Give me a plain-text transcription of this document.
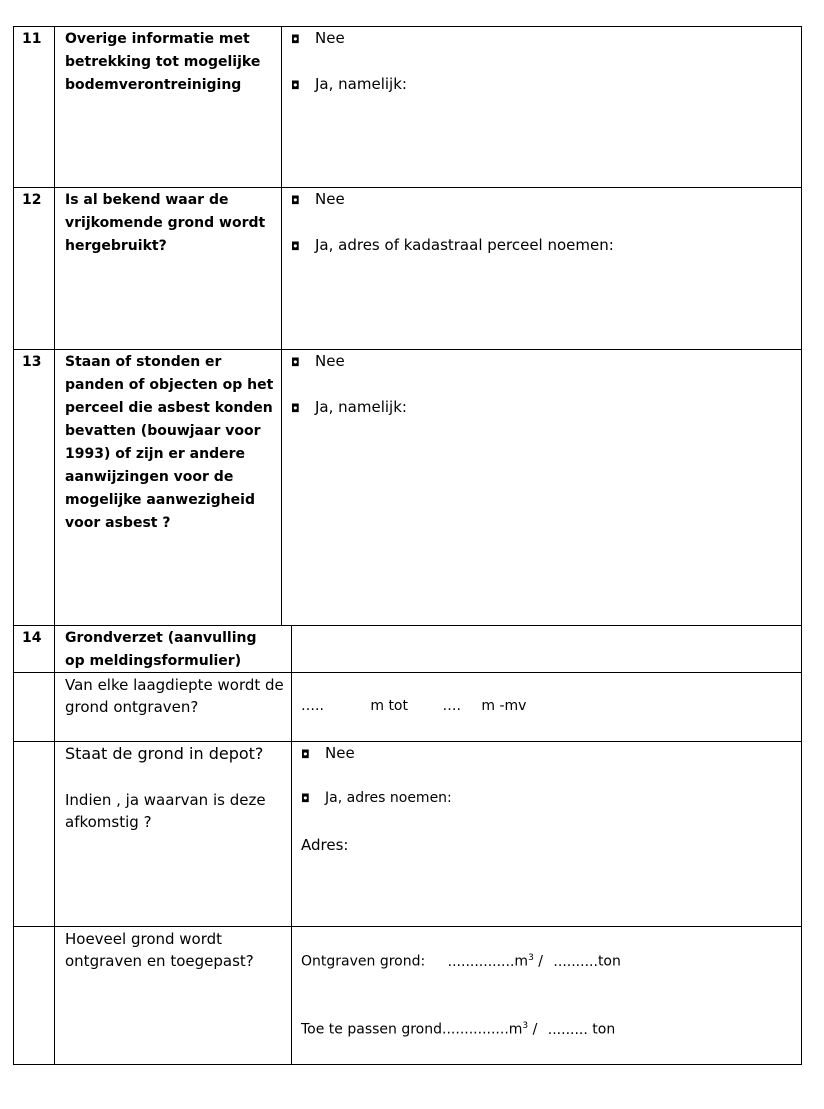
11 Overige informatie met betrekking tot mogelijke bodemverontreiniging
◘ Nee
◘ Ja, namelijk:
12 Is al bekend waar de vrijkomende grond wordt hergebruikt?
◘ Nee
◘ Ja, adres of kadastraal perceel noemen:
13 Staan of stonden er panden of objecten op het perceel die asbest konden bevatten (bouwjaar voor 1993) of zijn er andere aanwijzingen voor de mogelijke aanwezigheid voor asbest ?
◘ Nee
◘ Ja, namelijk:
14 Grondverzet (aanvulling op meldingsformulier)
Van elke laagdiepte wordt de grond ontgraven?	…..	m tot …. m -mv
Staat de grond in depot?
Indien , ja waarvan is deze afkomstig ?
◘ Nee
◘ Ja, adres noemen:
Adres:
Hoeveel grond wordt ontgraven en toegepast?	Ontgraven grond: $...............m^3$ / ..........ton
Toe te passen $grond...............m^3$ / ......... ton
